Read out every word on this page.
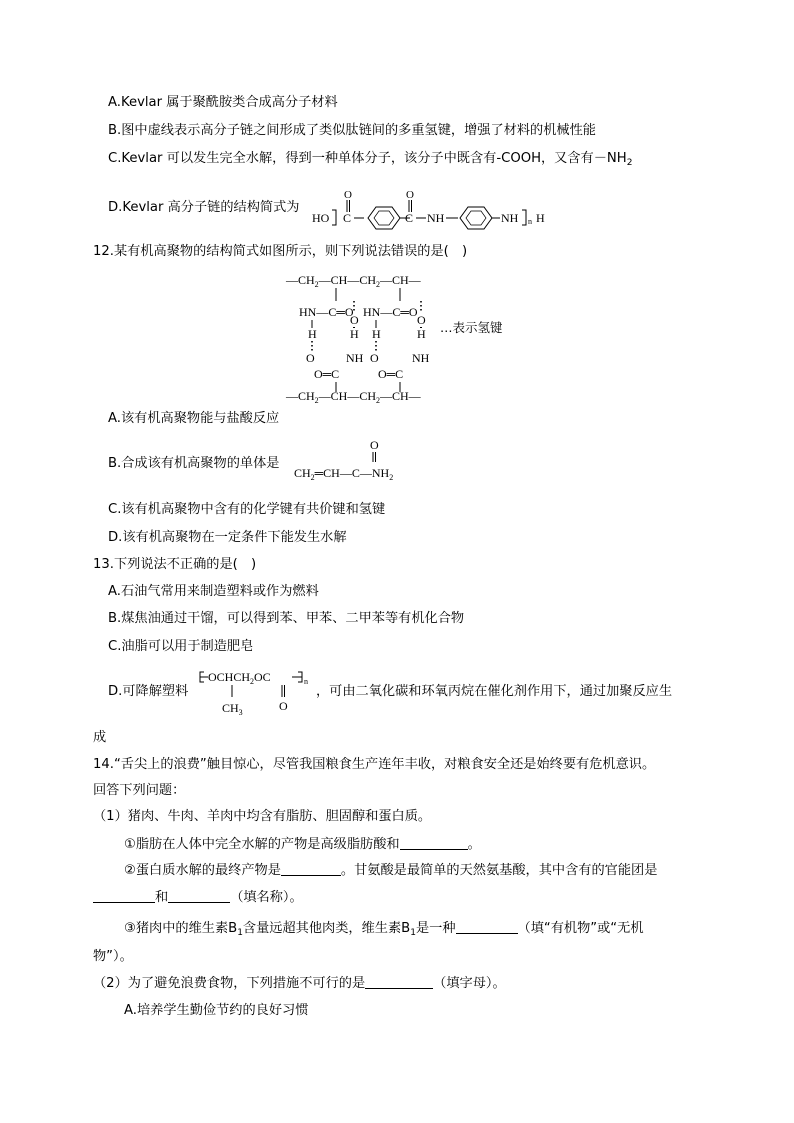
A.Kevlar 属于聚酰胺类合成高分子材料
B.图中虚线表示高分子链之间形成了类似肽链间的多重氢键，增强了材料的机械性能
C.Kevlar 可以发生完全水解，得到一种单体分子，该分子中既含有-COOH，又含有$-NH_2$
D.Kevlar 高分子链的结构简式为
HO
O
C
O
C NH	NH n H
12.某有机高聚物的结构简式如图所示，则下列说法错误的是(　)
$—CH_2—CH—CH_2—CH—$
HN—C═O HN—C═O
H	H
O	O
H	H
O	O
NH	NH
O═C	O═C
$—CH_2—CH—CH_2—CH—$
…表示氢键
A.该有机高聚物能与盐酸反应
B.合成该有机高聚物的单体是
O
$CH_2═CH—C—NH_2$
C.该有机高聚物中含有的化学键有共价键和氢键
D.该有机高聚物在一定条件下能发生水解
13.下列说法不正确的是(　)
A.石油气常用来制造塑料或作为燃料
B.煤焦油通过干馏，可以得到苯、甲苯、二甲苯等有机化合物
C.油脂可以用于制造肥皂
D.可降解塑料
$OCHCH_2OC$	n
$CH_3$	O
，可由二氧化碳和环氧丙烷在催化剂作用下，通过加聚反应生
成
14.“舌尖上的浪费”触目惊心，尽管我国粮食生产连年丰收，对粮食安全还是始终要有危机意识。
回答下列问题：
（1）猪肉、牛肉、羊肉中均含有脂肪、胆固醇和蛋白质。
①脂肪在人体中完全水解的产物是高级脂肪酸和	。
②蛋白质水解的最终产物是	。甘氨酸是最简单的天然氨基酸，其中含有的官能团是
和	（填名称）。
③猪肉中的维生素$B_1$含量远超其他肉类，维生素$B_1$是一种	（填“有机物”或“无机
物”）。
（2）为了避免浪费食物，下列措施不可行的是	（填字母）。
A.培养学生勤俭节约的良好习惯
